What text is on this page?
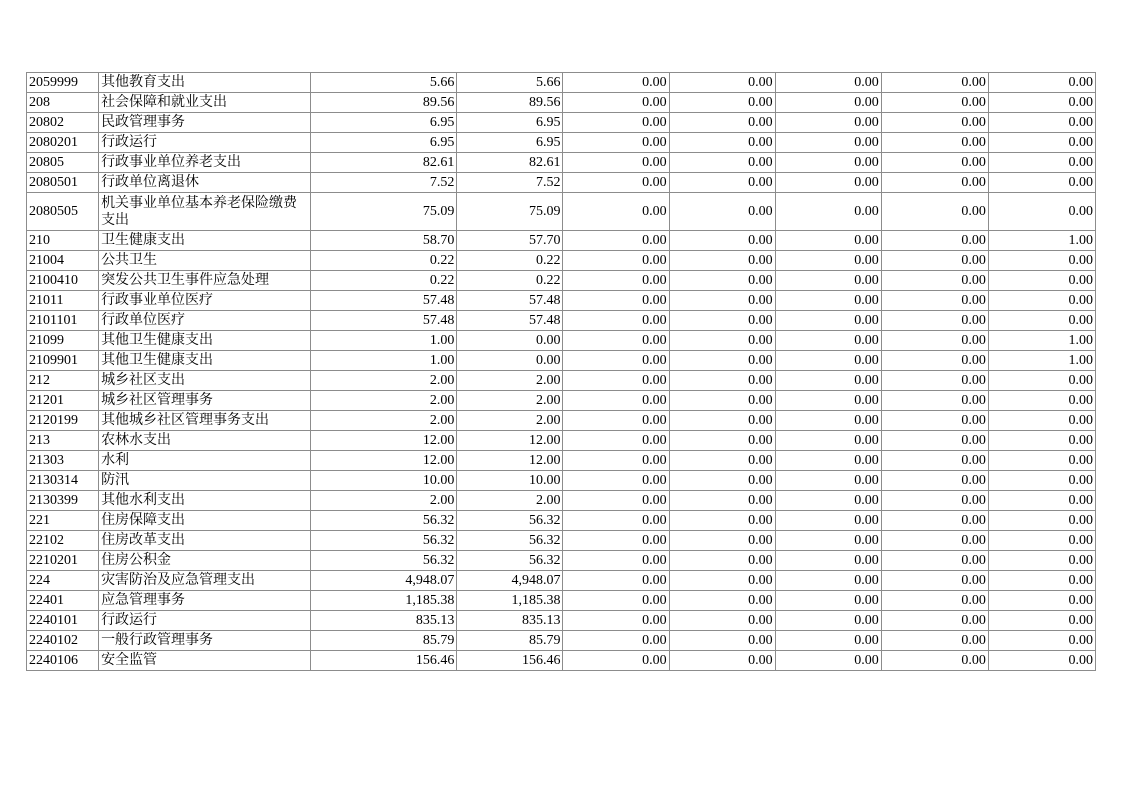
2059999	其他教育支出	5.66	5.66	0.00	0.00	0.00	0.00	0.00
208	社会保障和就业支出	89.56	89.56	0.00	0.00	0.00	0.00	0.00
20802	民政管理事务	6.95	6.95	0.00	0.00	0.00	0.00	0.00
2080201	行政运行	6.95	6.95	0.00	0.00	0.00	0.00	0.00
20805	行政事业单位养老支出	82.61	82.61	0.00	0.00	0.00	0.00	0.00
2080501	行政单位离退休	7.52	7.52	0.00	0.00	0.00	0.00	0.00
2080505	机关事业单位基本养老保险缴费支出	75.09	75.09	0.00	0.00	0.00	0.00	0.00
210	卫生健康支出	58.70	57.70	0.00	0.00	0.00	0.00	1.00
21004	公共卫生	0.22	0.22	0.00	0.00	0.00	0.00	0.00
2100410	突发公共卫生事件应急处理	0.22	0.22	0.00	0.00	0.00	0.00	0.00
21011	行政事业单位医疗	57.48	57.48	0.00	0.00	0.00	0.00	0.00
2101101	行政单位医疗	57.48	57.48	0.00	0.00	0.00	0.00	0.00
21099	其他卫生健康支出	1.00	0.00	0.00	0.00	0.00	0.00	1.00
2109901	其他卫生健康支出	1.00	0.00	0.00	0.00	0.00	0.00	1.00
212	城乡社区支出	2.00	2.00	0.00	0.00	0.00	0.00	0.00
21201	城乡社区管理事务	2.00	2.00	0.00	0.00	0.00	0.00	0.00
2120199	其他城乡社区管理事务支出	2.00	2.00	0.00	0.00	0.00	0.00	0.00
213	农林水支出	12.00	12.00	0.00	0.00	0.00	0.00	0.00
21303	水利	12.00	12.00	0.00	0.00	0.00	0.00	0.00
2130314	防汛	10.00	10.00	0.00	0.00	0.00	0.00	0.00
2130399	其他水利支出	2.00	2.00	0.00	0.00	0.00	0.00	0.00
221	住房保障支出	56.32	56.32	0.00	0.00	0.00	0.00	0.00
22102	住房改革支出	56.32	56.32	0.00	0.00	0.00	0.00	0.00
2210201	住房公积金	56.32	56.32	0.00	0.00	0.00	0.00	0.00
224	灾害防治及应急管理支出	4,948.07	4,948.07	0.00	0.00	0.00	0.00	0.00
22401	应急管理事务	1,185.38	1,185.38	0.00	0.00	0.00	0.00	0.00
2240101	行政运行	835.13	835.13	0.00	0.00	0.00	0.00	0.00
2240102	一般行政管理事务	85.79	85.79	0.00	0.00	0.00	0.00	0.00
2240106	安全监管	156.46	156.46	0.00	0.00	0.00	0.00	0.00
